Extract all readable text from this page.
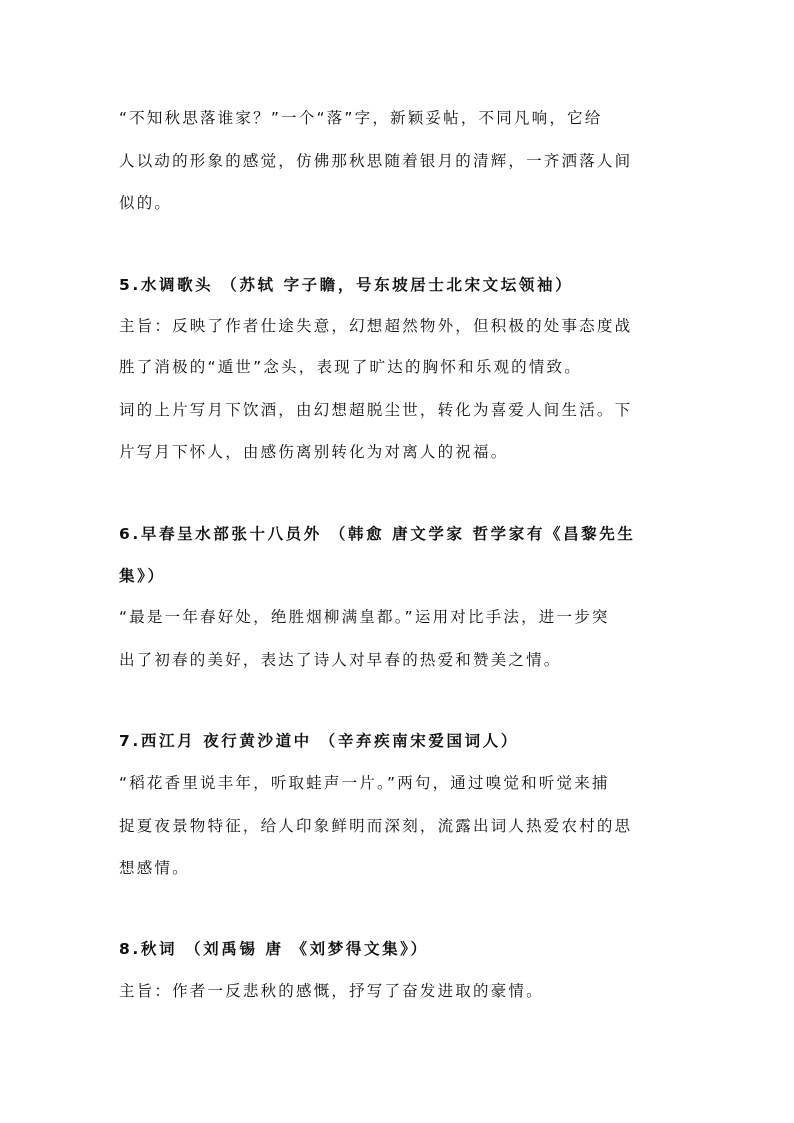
“不知秋思落谁家？”一个“落”字，新颖妥帖，不同凡响，它给
人以动的形象的感觉，仿佛那秋思随着银月的清辉，一齐洒落人间
似的。
5.水调歌头 （苏轼 字子瞻，号东坡居士北宋文坛领袖）
主旨：反映了作者仕途失意，幻想超然物外，但积极的处事态度战
胜了消极的“遁世”念头，表现了旷达的胸怀和乐观的情致。
词的上片写月下饮酒，由幻想超脱尘世，转化为喜爱人间生活。下
片写月下怀人，由感伤离别转化为对离人的祝福。
6.早春呈水部张十八员外 （韩愈 唐文学家 哲学家有《昌黎先生
集》）
“最是一年春好处，绝胜烟柳满皇都。”运用对比手法，进一步突
出了初春的美好，表达了诗人对早春的热爱和赞美之情。
7.西江月 夜行黄沙道中 （辛弃疾南宋爱国词人）
“稻花香里说丰年，听取蛙声一片。”两句，通过嗅觉和听觉来捕
捉夏夜景物特征，给人印象鲜明而深刻，流露出词人热爱农村的思
想感情。
8.秋词 （刘禹锡 唐 《刘梦得文集》）
主旨：作者一反悲秋的感慨，抒写了奋发进取的豪情。
